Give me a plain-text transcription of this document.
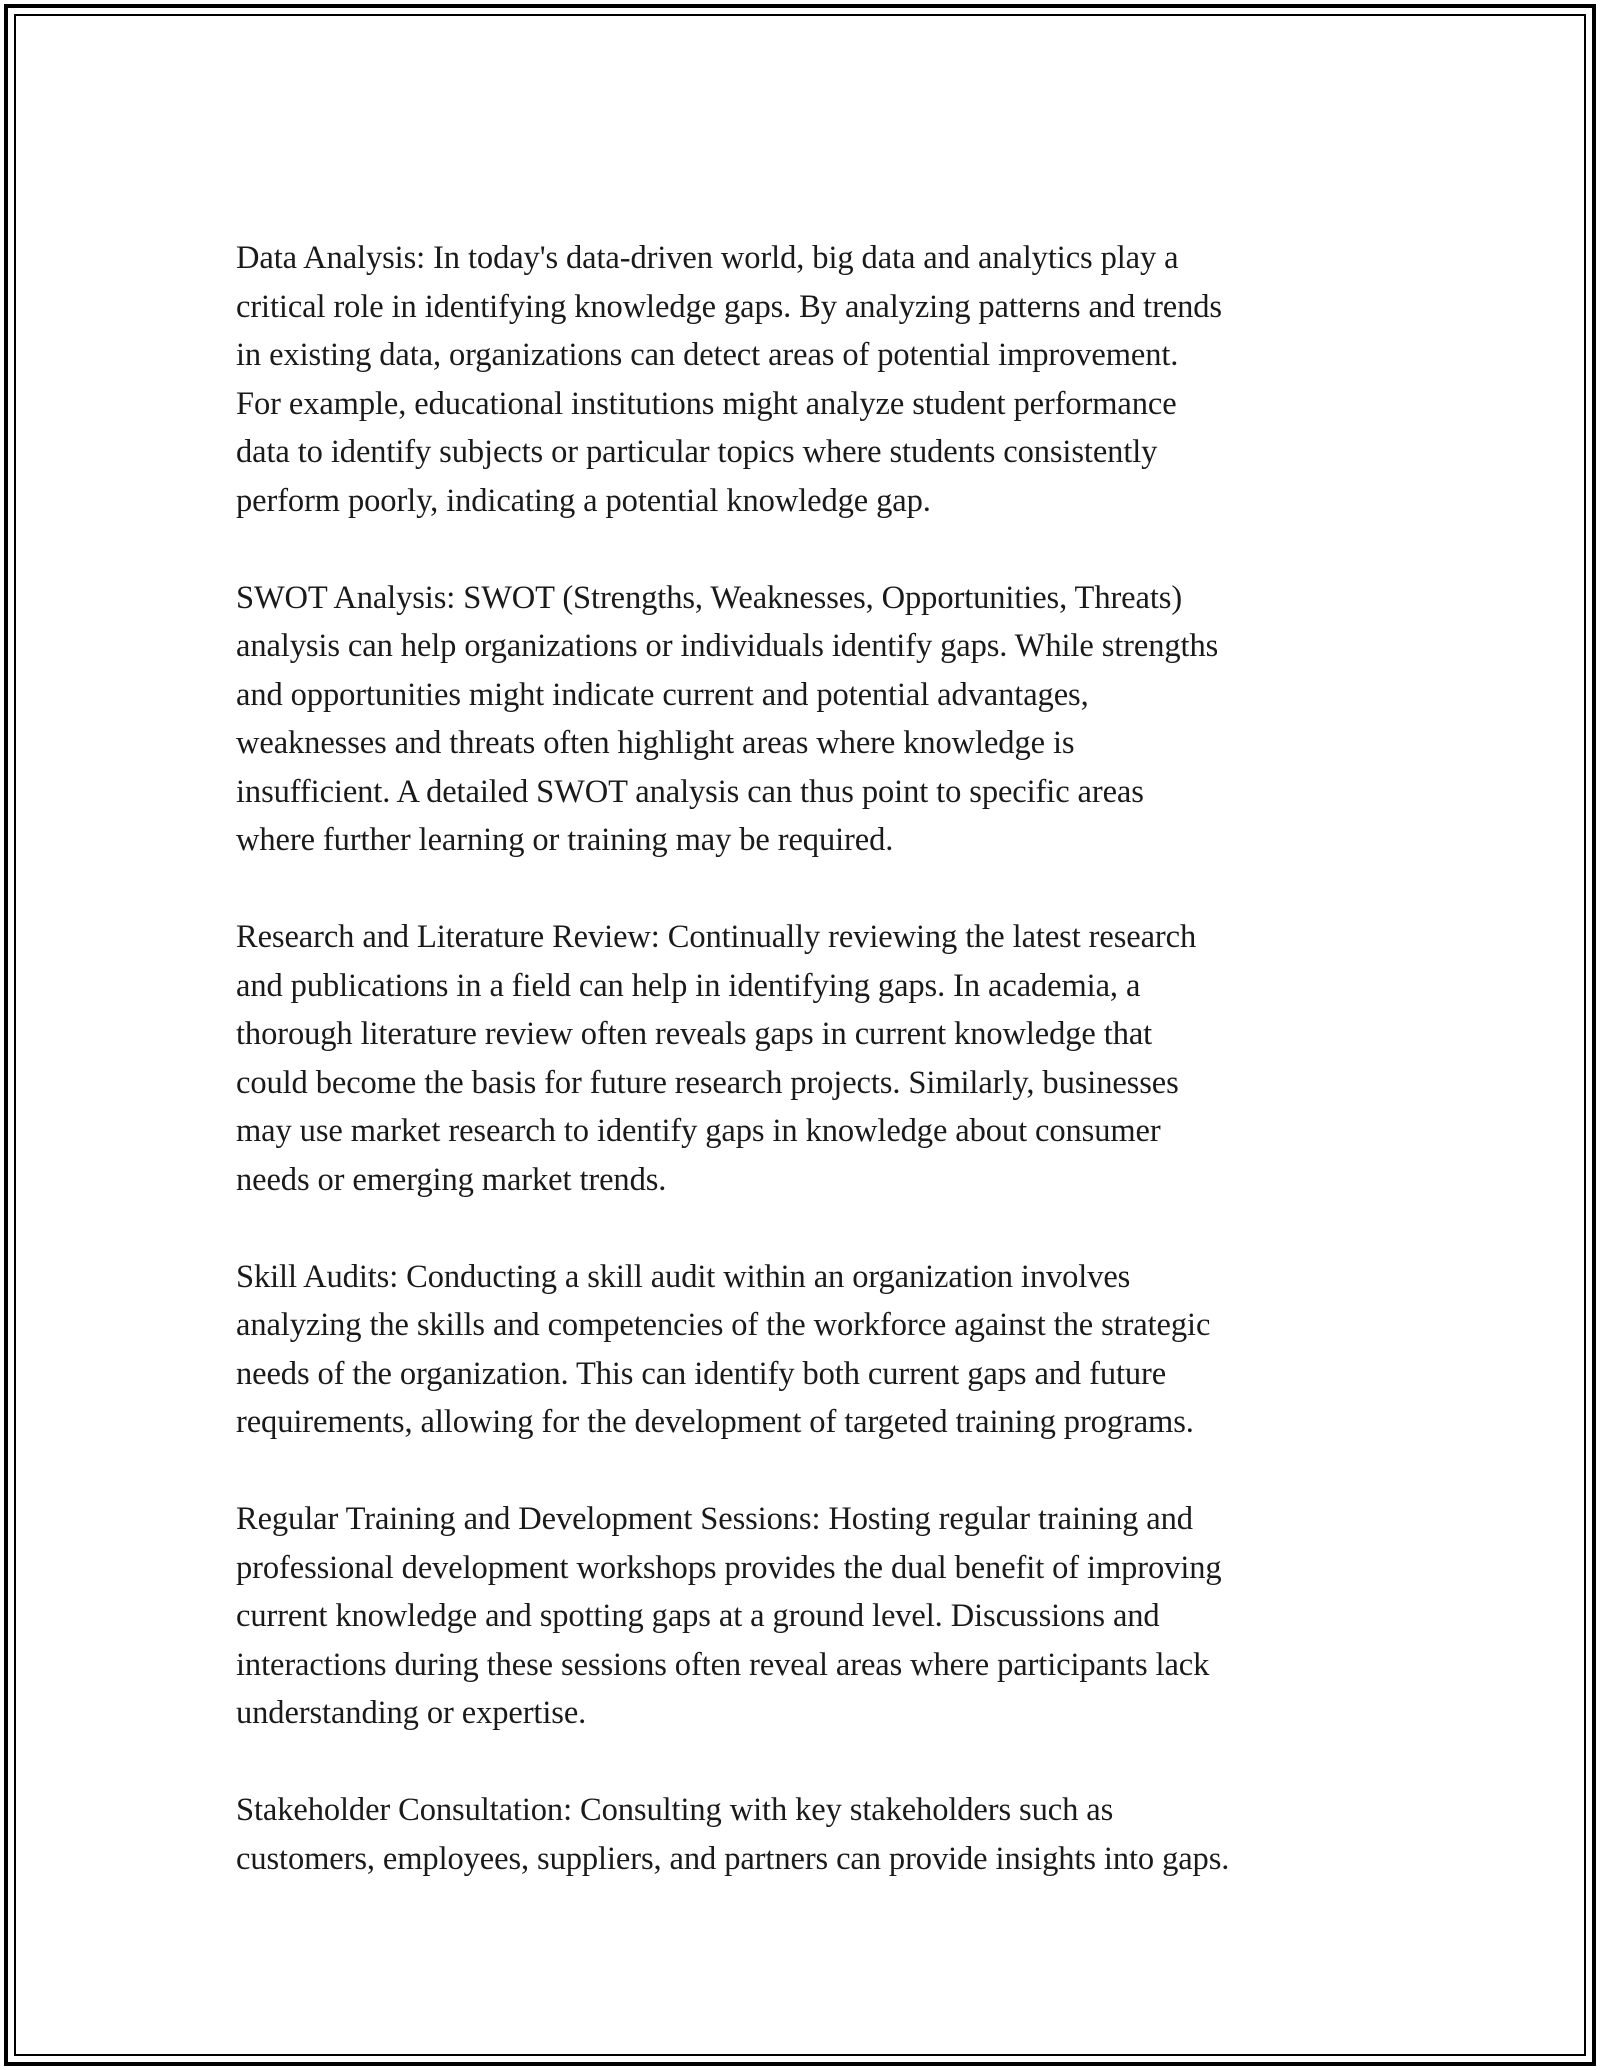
Data Analysis: In today's data-driven world, big data and analytics play a
critical role in identifying knowledge gaps. By analyzing patterns and trends
in existing data, organizations can detect areas of potential improvement.
For example, educational institutions might analyze student performance
data to identify subjects or particular topics where students consistently
perform poorly, indicating a potential knowledge gap.

SWOT Analysis: SWOT (Strengths, Weaknesses, Opportunities, Threats)
analysis can help organizations or individuals identify gaps. While strengths
and opportunities might indicate current and potential advantages,
weaknesses and threats often highlight areas where knowledge is
insufficient. A detailed SWOT analysis can thus point to specific areas
where further learning or training may be required.

Research and Literature Review: Continually reviewing the latest research
and publications in a field can help in identifying gaps. In academia, a
thorough literature review often reveals gaps in current knowledge that
could become the basis for future research projects. Similarly, businesses
may use market research to identify gaps in knowledge about consumer
needs or emerging market trends.

Skill Audits: Conducting a skill audit within an organization involves
analyzing the skills and competencies of the workforce against the strategic
needs of the organization. This can identify both current gaps and future
requirements, allowing for the development of targeted training programs.

Regular Training and Development Sessions: Hosting regular training and
professional development workshops provides the dual benefit of improving
current knowledge and spotting gaps at a ground level. Discussions and
interactions during these sessions often reveal areas where participants lack
understanding or expertise.

Stakeholder Consultation: Consulting with key stakeholders such as
customers, employees, suppliers, and partners can provide insights into gaps.
